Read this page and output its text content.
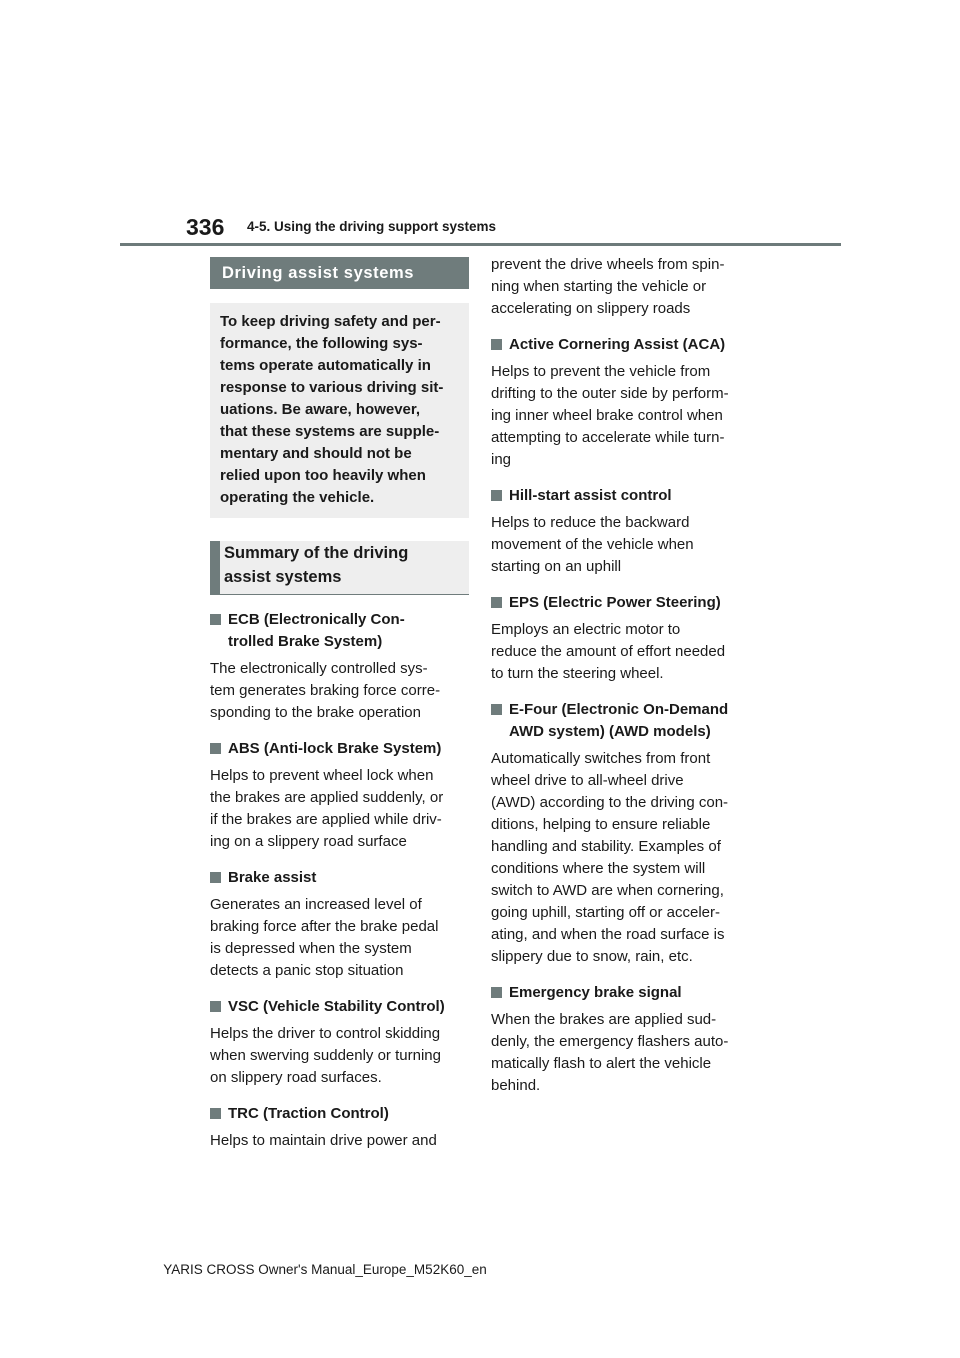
336 4-5. Using the driving support systems
Driving assist systems
To keep driving safety and per-
formance, the following sys-
tems operate automatically in
response to various driving sit-
uations. Be aware, however,
that these systems are supple-
mentary and should not be
relied upon too heavily when
operating the vehicle.
Summary of the driving
assist systems
ECB (Electronically Con-
trolled Brake System)
The electronically controlled sys-
tem generates braking force corre-
sponding to the brake operation
ABS (Anti-lock Brake System)
Helps to prevent wheel lock when
the brakes are applied suddenly, or
if the brakes are applied while driv-
ing on a slippery road surface
Brake assist
Generates an increased level of
braking force after the brake pedal
is depressed when the system
detects a panic stop situation
VSC (Vehicle Stability Control)
Helps the driver to control skidding
when swerving suddenly or turning
on slippery road surfaces.
TRC (Traction Control)
Helps to maintain drive power and
prevent the drive wheels from spin-
ning when starting the vehicle or
accelerating on slippery roads
Active Cornering Assist (ACA)
Helps to prevent the vehicle from
drifting to the outer side by perform-
ing inner wheel brake control when
attempting to accelerate while turn-
ing
Hill-start assist control
Helps to reduce the backward
movement of the vehicle when
starting on an uphill
EPS (Electric Power Steering)
Employs an electric motor to
reduce the amount of effort needed
to turn the steering wheel.
E-Four (Electronic On-Demand
AWD system) (AWD models)
Automatically switches from front
wheel drive to all-wheel drive
(AWD) according to the driving con-
ditions, helping to ensure reliable
handling and stability. Examples of
conditions where the system will
switch to AWD are when cornering,
going uphill, starting off or acceler-
ating, and when the road surface is
slippery due to snow, rain, etc.
Emergency brake signal
When the brakes are applied sud-
denly, the emergency flashers auto-
matically flash to alert the vehicle
behind.
YARIS CROSS Owner's Manual_Europe_M52K60_en
